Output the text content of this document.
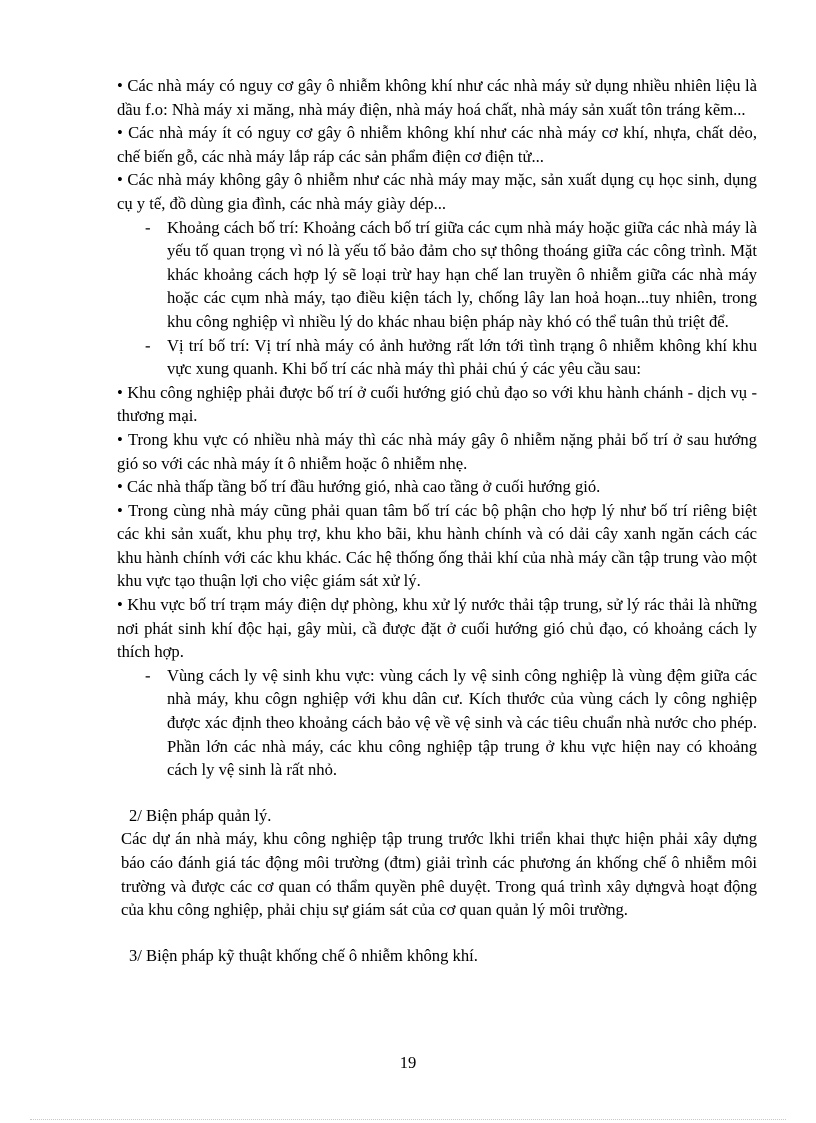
• Các nhà máy có nguy cơ gây ô nhiễm không khí như các nhà máy sử dụng nhiều nhiên liệu là dầu f.o: Nhà máy xi măng, nhà máy điện, nhà máy hoá chất, nhà máy sản xuất tôn tráng kẽm...

• Các nhà máy ít có nguy cơ gây ô nhiễm không khí như các nhà máy cơ khí, nhựa, chất dẻo, chế biến gỗ, các nhà máy lắp ráp các sản phẩm điện cơ điện tử...

• Các nhà máy không gây ô nhiễm như các nhà máy may mặc, sản xuất dụng cụ học sinh, dụng cụ y tế, đồ dùng gia đình, các nhà máy giày dép...

- Khoảng cách bố trí: Khoảng cách bố trí giữa các cụm nhà máy hoặc giữa các nhà máy là yếu tố quan trọng vì nó là yếu tố bảo đảm cho sự thông thoáng giữa các công trình. Mặt khác khoảng cách hợp lý sẽ loại trừ hay hạn chế lan truyền ô nhiễm giữa các nhà máy hoặc các cụm nhà máy, tạo điều kiện tách ly, chống lây lan hoả hoạn...tuy nhiên, trong khu công nghiệp vì nhiều lý do khác nhau biện pháp này khó có thể tuân thủ triệt để.

- Vị trí bố trí: Vị trí nhà máy có ảnh hưởng rất lớn tới tình trạng ô nhiễm không khí khu vực xung quanh. Khi bố trí các nhà máy thì phải chú ý các yêu cầu sau:

• Khu công nghiệp phải được bố trí ở cuối hướng gió chủ đạo so với khu hành chánh - dịch vụ - thương mại.

• Trong khu vực có nhiều nhà máy thì các nhà máy gây ô nhiễm nặng phải bố trí ở sau hướng gió so với các nhà máy ít ô nhiễm hoặc ô nhiễm nhẹ.

• Các nhà thấp tầng bố trí đầu hướng gió, nhà cao tầng ở cuối hướng gió.

• Trong cùng nhà máy cũng phải quan tâm bố trí các bộ phận cho hợp lý như bố trí riêng biệt các khi sản xuất, khu phụ trợ, khu kho bãi, khu hành chính và có dải cây xanh ngăn cách các khu hành chính với các khu khác. Các hệ thống ống thải khí của nhà máy cần tập trung vào một khu vực tạo thuận lợi cho việc giám sát xử lý.

• Khu vực bố trí trạm máy điện dự phòng, khu xử lý nước thải tập trung, sử lý rác thải là những nơi phát sinh khí độc hại, gây mùi, cầ được đặt ở cuối hướng gió chủ đạo, có khoảng cách ly thích hợp.

- Vùng cách ly vệ sinh khu vực: vùng cách ly vệ sinh công nghiệp là vùng đệm giữa các nhà máy, khu côgn nghiệp với khu dân cư. Kích thước của vùng cách ly công nghiệp được xác định theo khoảng cách bảo vệ về vệ sinh và các tiêu chuẩn nhà nước cho phép. Phần lớn các nhà máy, các khu công nghiệp tập trung ở khu vực hiện nay có khoảng cách ly vệ sinh là rất nhỏ.

2/ Biện pháp quản lý.

Các dự án nhà máy, khu công nghiệp tập trung trước lkhi triển khai thực hiện phải xây dựng báo cáo đánh giá tác động môi trường (đtm) giải trình các phương án khống chế ô nhiễm môi trường và được các cơ quan có thẩm quyền phê duyệt. Trong quá trình xây dựngvà hoạt động của khu công nghiệp, phải chịu sự giám sát của cơ quan quản lý môi trường.

3/ Biện pháp kỹ thuật khống chế ô nhiễm không khí.

19
